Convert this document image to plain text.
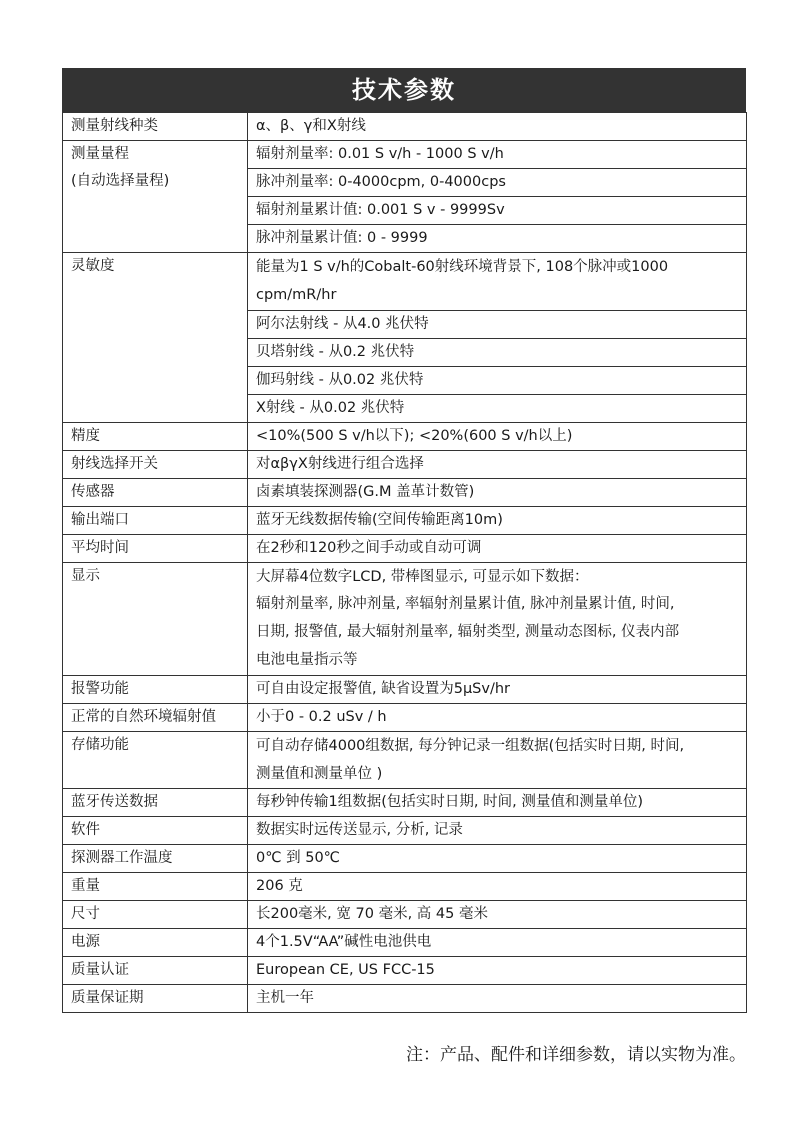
技术参数
测量射线种类	α、β、γ和X射线

测量量程
(自动选择量程)	辐射剂量率: 0.01 S v/h - 1000 S v/h
	脉冲剂量率: 0-4000cpm, 0-4000cps
	辐射剂量累计值: 0.001 S v - 9999Sv
	脉冲剂量累计值: 0 - 9999
灵敏度	能量为1 S v/h的Cobalt-60射线环境背景下, 108个脉冲或1000
cpm/mR/hr

	阿尔法射线 - 从4.0 兆伏特
	贝塔射线 - 从0.2 兆伏特
	伽玛射线 - 从0.02 兆伏特
	X射线 - 从0.02 兆伏特
精度	<10%(500 S v/h以下); <20%(600 S v/h以上)
射线选择开关	对αβγX射线进行组合选择
传感器	卤素填装探测器(G.M 盖革计数管)
输出端口	蓝牙无线数据传输(空间传输距离10m)
平均时间	在2秒和120秒之间手动或自动可调
显示	大屏幕4位数字LCD, 带棒图显示, 可显示如下数据：
辐射剂量率, 脉冲剂量, 率辐射剂量累计值, 脉冲剂量累计值, 时间,
日期, 报警值, 最大辐射剂量率, 辐射类型, 测量动态图标, 仪表内部
电池电量指示等

报警功能	可自由设定报警值, 缺省设置为5μSv/hr
正常的自然环境辐射值	小于0 - 0.2 uSv / h
存储功能	可自动存储4000组数据, 每分钟记录一组数据(包括实时日期, 时间,
测量值和测量单位 )

蓝牙传送数据	每秒钟传输1组数据(包括实时日期, 时间, 测量值和测量单位)
软件	数据实时远传送显示, 分析, 记录
探测器工作温度	0℃ 到 50℃
重量	206 克
尺寸	长200毫米, 宽 70 毫米, 高 45 毫米
电源	4个1.5V“AA”碱性电池供电
质量认证	European CE, US FCC-15
质量保证期	主机一年
注：产品、配件和详细参数，请以实物为准。
